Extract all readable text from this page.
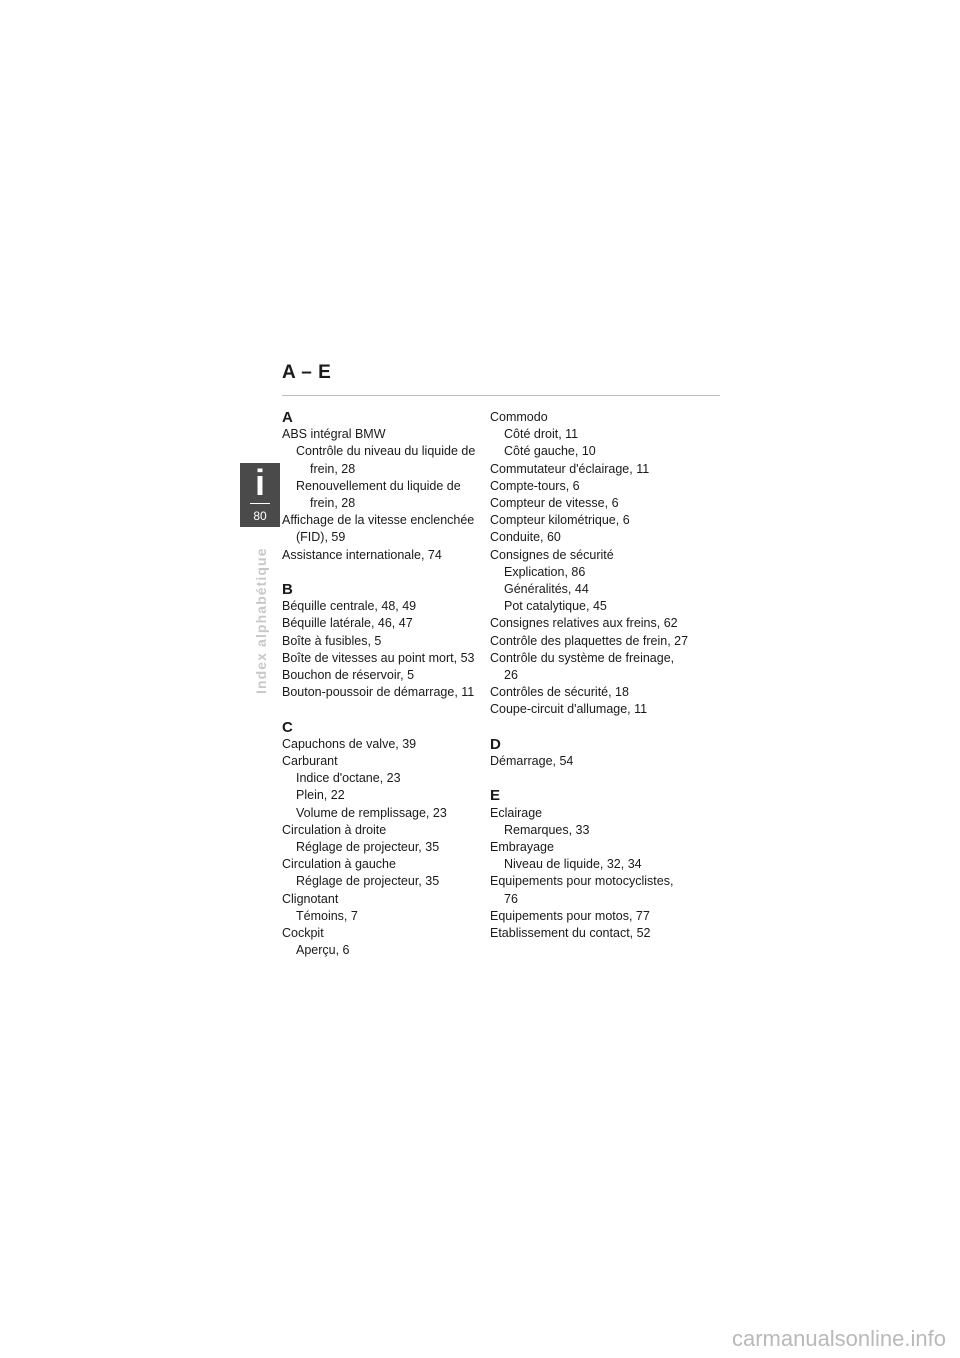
A – E
i
80
Index alphabétique
A
ABS intégral BMW
Contrôle du niveau du liquide de frein, 28
Renouvellement du liquide de frein, 28
Affichage de la vitesse enclenchée (FID), 59
Assistance internationale, 74
B
Béquille centrale, 48, 49
Béquille latérale, 46, 47
Boîte à fusibles, 5
Boîte de vitesses au point mort, 53
Bouchon de réservoir, 5
Bouton-poussoir de démarrage, 11
C
Capuchons de valve, 39
Carburant
Indice d'octane, 23
Plein, 22
Volume de remplissage, 23
Circulation à droite
Réglage de projecteur, 35
Circulation à gauche
Réglage de projecteur, 35
Clignotant
Témoins, 7
Cockpit
Aperçu, 6
Commodo
Côté droit, 11
Côté gauche, 10
Commutateur d'éclairage, 11
Compte-tours, 6
Compteur de vitesse, 6
Compteur kilométrique, 6
Conduite, 60
Consignes de sécurité
Explication, 86
Généralités, 44
Pot catalytique, 45
Consignes relatives aux freins, 62
Contrôle des plaquettes de frein, 27
Contrôle du système de freinage, 26
Contrôles de sécurité, 18
Coupe-circuit d'allumage, 11
D
Démarrage, 54
E
Eclairage
Remarques, 33
Embrayage
Niveau de liquide, 32, 34
Equipements pour motocyclistes, 76
Equipements pour motos, 77
Etablissement du contact, 52
carmanualsonline.info
